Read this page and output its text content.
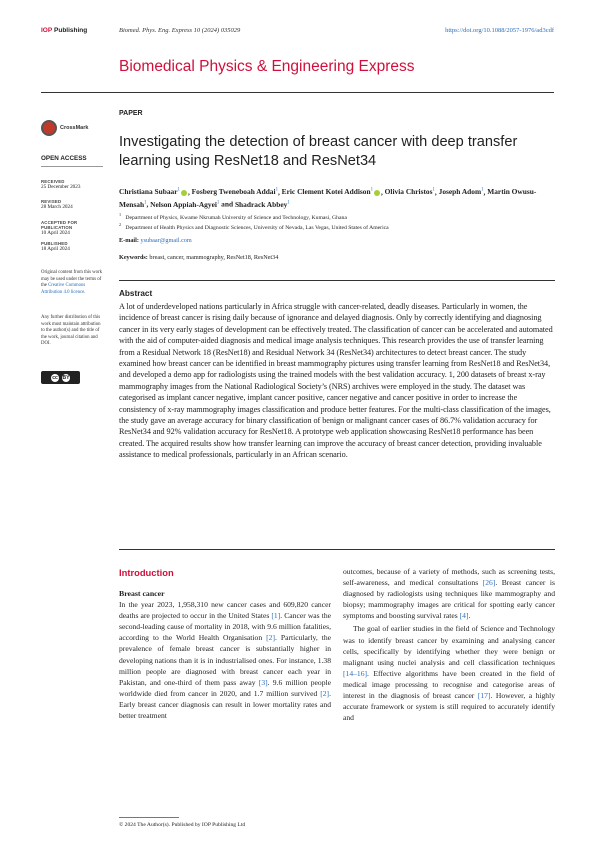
IOP Publishing	Biomed. Phys. Eng. Express 10 (2024) 035029	https://doi.org/10.1088/2057-1976/ad3cdf
Biomedical Physics & Engineering Express
CrossMark
OPEN ACCESS
RECEIVED
25 December 2023
REVISED
28 March 2024
ACCEPTED FOR PUBLICATION
10 April 2024
PUBLISHED
18 April 2024
Original content from this work may be used under the terms of the Creative Commons Attribution 4.0 licence.
Any further distribution of this work must maintain attribution to the author(s) and the title of the work, journal citation and DOI.
cc BY
PAPER
Investigating the detection of breast cancer with deep transfer learning using ResNet18 and ResNet34
Christiana Subaar$^1$ , Fosberg Tweneboah Addai$^1$, Eric Clement Kotei Addison$^1$ , Olivia Christos$^1$, Joseph Adom$^1$, Martin Owusu-Mensah$^1$, Nelson Appiah-Agyei$^1$ and Shadrack Abbey$^1$
$^1$   Department of Physics, Kwame Nkrumah University of Science and Technology, Kumasi, Ghana
$^2$   Department of Health Physics and Diagnostic Sciences, University of Nevada, Las Vegas, United States of America
E-mail: ysubaar@gmail.com
Keywords: breast, cancer, mammography, ResNet18, ResNet34
Abstract
A lot of underdeveloped nations particularly in Africa struggle with cancer-related, deadly diseases. Particularly in women, the incidence of breast cancer is rising daily because of ignorance and delayed diagnosis. Only by correctly identifying and diagnosing cancer in its very early stages of development can be effectively treated. The classification of cancer can be accelerated and automated with the aid of computer-aided diagnosis and medical image analysis techniques. This research provides the use of transfer learning from a Residual Network 18 (ResNet18) and Residual Network 34 (ResNet34) architectures to detect breast cancer. The study examined how breast cancer can be identified in breast mammography pictures using transfer learning from ResNet18 and ResNet34, and developed a demo app for radiologists using the trained models with the best validation accuracy. 1, 200 datasets of breast x-ray mammography images from the National Radiological Society’s (NRS) archives were employed in the study. The dataset was categorised as implant cancer negative, implant cancer positive, cancer negative and cancer positive in order to increase the consistency of x-ray mammography images classification and produce better features. For the multi-class classification of the images, the study gave an average accuracy for binary classification of benign or malignant cancer cases of 86.7% validation accuracy for ResNet34 and 92% validation accuracy for ResNet18. A prototype web application showcasing ResNet18 performance has been created. The acquired results show how transfer learning can improve the accuracy of breast cancer detection, providing invaluable assistance to medical professionals, particularly in an African scenario.
Introduction

Breast cancer

In the year 2023, 1,958,310 new cancer cases and 609,820 cancer deaths are projected to occur in the United States [1]. Cancer was the second-leading cause of mortality in 2018, with 9.6 million fatalities, according to the World Health Organisation [2]. Particularly, the prevalence of female breast cancer is substantially higher in developing nations than it is in industrialised ones. For instance, 1.38 million people are diagnosed with breast cancer each year in Pakistan, and one-third of them pass away [3]. 9.6 million people worldwide died from cancer in 2020, and 1.7 million survived [2]. Early breast cancer diagnosis can result in lower mortality rates and better treatment

outcomes, because of a variety of methods, such as screening tests, self-awareness, and medical consultations [26]. Breast cancer is diagnosed by radiologists using techniques like mammography and biopsy; mammography images are critical for spotting early cancer symptoms and boosting survival rates [4].

The goal of earlier studies in the field of Science and Technology was to identify breast cancer by examining and analysing cancer cells, specifically by identifying whether they were benign or malignant using nuclei analysis and cell classification techniques [14–16]. Effective algorithms have been created in the field of medical image processing to recognise and categorise areas of interest in the diagnosis of breast cancer [17]. However, a highly accurate framework or system is still required to accurately identify and

© 2024 The Author(s). Published by IOP Publishing Ltd
